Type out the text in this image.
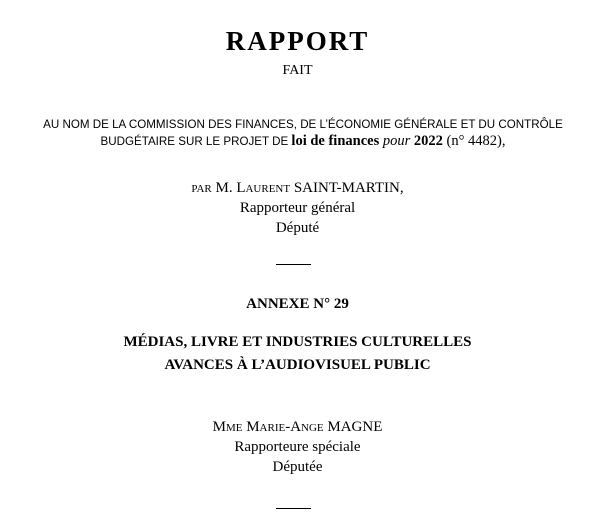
RAPPORT
FAIT
AU NOM DE LA COMMISSION DES FINANCES, DE L’ÉCONOMIE GÉNÉRALE ET DU CONTRÔLE
BUDGÉTAIRE SUR LE PROJET DE loi de finances pour 2022 (n° 4482),
par M. Laurent SAINT-MARTIN,
Rapporteur général
Député
ANNEXE N° 29
MÉDIAS, LIVRE ET INDUSTRIES CULTURELLES
AVANCES À L’AUDIOVISUEL PUBLIC
Mme Marie-Ange MAGNE
Rapporteure spéciale
Députée
